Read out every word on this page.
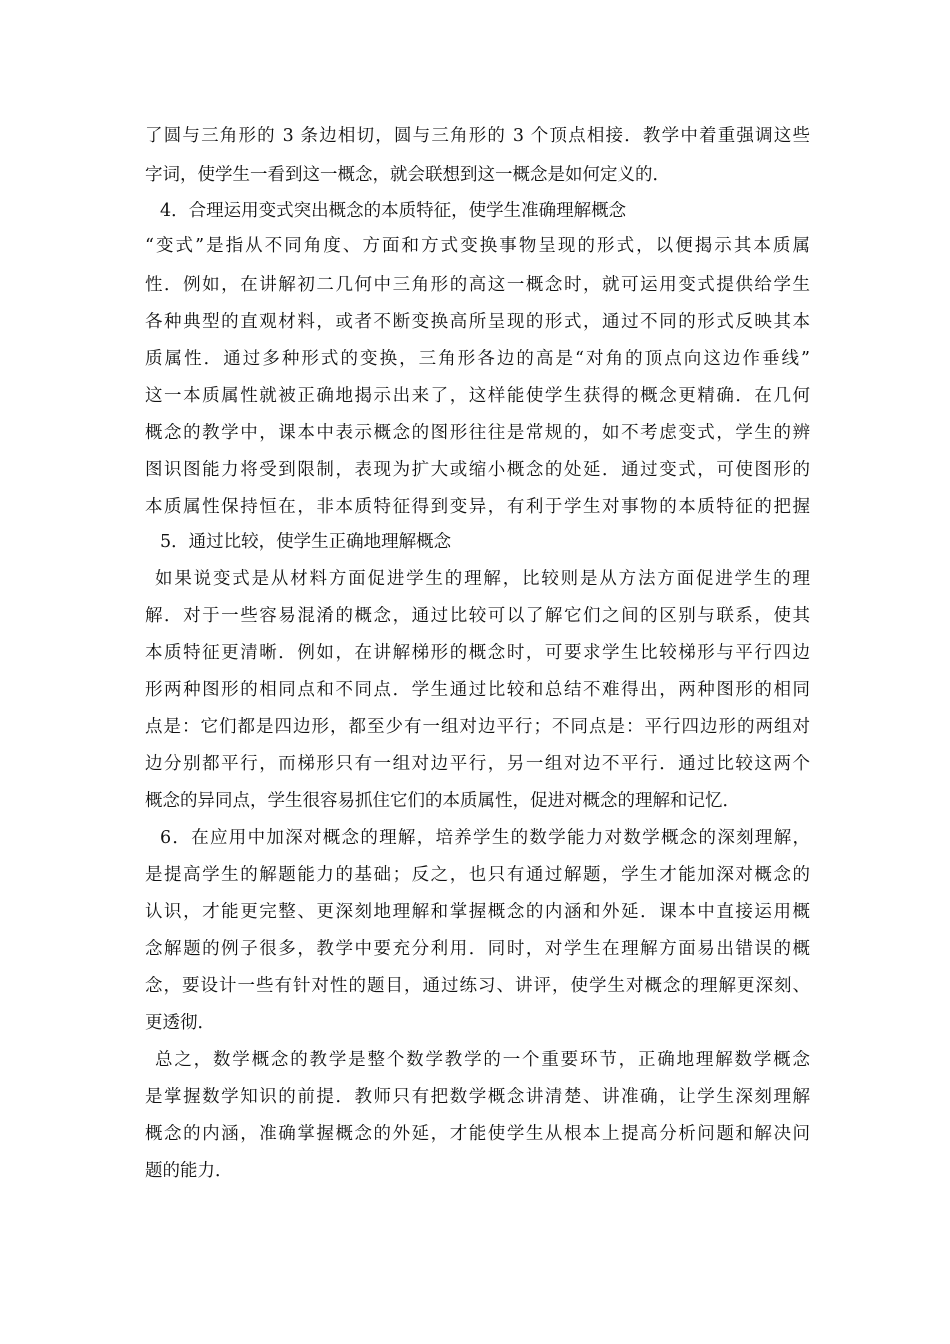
了圆与三角形的 3 条边相切，圆与三角形的 3 个顶点相接．教学中着重强调这些

字词，使学生一看到这一概念，就会联想到这一概念是如何定义的．

4．合理运用变式突出概念的本质特征，使学生准确理解概念

“变式”是指从不同角度、方面和方式变换事物呈现的形式，以便揭示其本质属

性．例如，在讲解初二几何中三角形的高这一概念时，就可运用变式提供给学生

各种典型的直观材料，或者不断变换高所呈现的形式，通过不同的形式反映其本

质属性．通过多种形式的变换，三角形各边的高是“对角的顶点向这边作垂线”

这一本质属性就被正确地揭示出来了，这样能使学生获得的概念更精确．在几何

概念的教学中，课本中表示概念的图形往往是常规的，如不考虑变式，学生的辨

图识图能力将受到限制，表现为扩大或缩小概念的处延．通过变式，可使图形的

本质属性保持恒在，非本质特征得到变异，有利于学生对事物的本质特征的把握

5．通过比较，使学生正确地理解概念

如果说变式是从材料方面促进学生的理解，比较则是从方法方面促进学生的理

解．对于一些容易混淆的概念，通过比较可以了解它们之间的区别与联系，使其

本质特征更清晰．例如，在讲解梯形的概念时，可要求学生比较梯形与平行四边

形两种图形的相同点和不同点．学生通过比较和总结不难得出，两种图形的相同

点是：它们都是四边形，都至少有一组对边平行；不同点是：平行四边形的两组对

边分别都平行，而梯形只有一组对边平行，另一组对边不平行．通过比较这两个

概念的异同点，学生很容易抓住它们的本质属性，促进对概念的理解和记忆．

6．在应用中加深对概念的理解，培养学生的数学能力对数学概念的深刻理解，

是提高学生的解题能力的基础；反之，也只有通过解题，学生才能加深对概念的

认识，才能更完整、更深刻地理解和掌握概念的内涵和外延．课本中直接运用概

念解题的例子很多，教学中要充分利用．同时，对学生在理解方面易出错误的概

念，要设计一些有针对性的题目，通过练习、讲评，使学生对概念的理解更深刻、

更透彻．

总之，数学概念的教学是整个数学教学的一个重要环节，正确地理解数学概念

是掌握数学知识的前提．教师只有把数学概念讲清楚、讲准确，让学生深刻理解

概念的内涵，准确掌握概念的外延，才能使学生从根本上提高分析问题和解决问

题的能力．
